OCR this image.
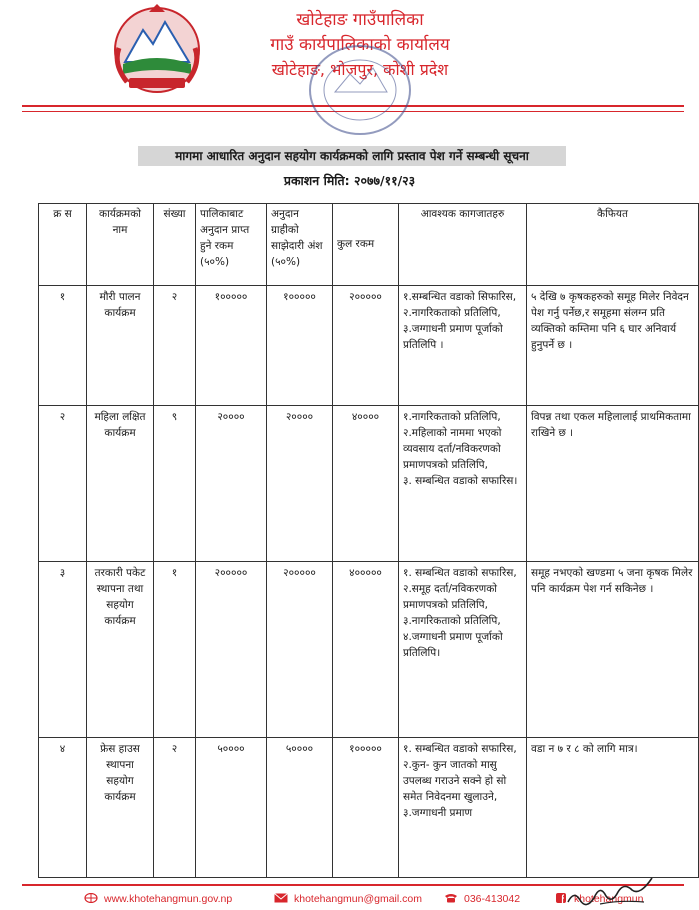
खोटेहाङ गाउँपालिका
गाउँ कार्यपालिकाको कार्यालय
खोटेहाङ, भोजपुर, कोशी प्रदेश
मागमा आधारित अनुदान सहयोग कार्यक्रमको लागि प्रस्ताव पेश गर्ने सम्बन्धी सूचना
प्रकाशन मिति: २०७७/११/२३
क्र स	कार्यक्रमको नाम	संख्या	पालिकाबाट अनुदान प्राप्त हुने रकम (५०%)	अनुदान ग्राहीको साझेदारी अंश (५०%)	कुल रकम	आवश्यक कागजातहरु	कैफियत
१	मौरी पालन कार्यक्रम	२	१०००००	१०००००	२०००००	१.सम्बन्धित वडाको सिफारिस,
२.नागरिकताको प्रतिलिपि,
३.जग्गाधनी प्रमाण पूर्जाको प्रतिलिपि ।	५ देखि ७ कृषकहरुको समूह मिलेर निवेदन पेश गर्नु पर्नेछ,र समूहमा संलग्न प्रति व्यक्तिको कम्तिमा पनि ६ घार अनिवार्य हुनुपर्ने छ ।
२	महिला लक्षित कार्यक्रम	९	२००००	२००००	४००००	१.नागरिकताको प्रतिलिपि,
२.महिलाको नाममा भएको व्यवसाय दर्ता/नविकरणको प्रमाणपत्रको प्रतिलिपि,
३. सम्बन्धित वडाको सफारिस।	विपन्न तथा एकल महिलालाई प्राथमिकतामा राखिने छ ।
३	तरकारी पकेट स्थापना तथा सहयोग कार्यक्रम	१	२०००००	२०००००	४०००००	१. सम्बन्धित वडाको सफारिस,
२.समूह दर्ता/नविकरणको प्रमाणपत्रको प्रतिलिपि,
३.नागरिकताको प्रतिलिपि,
४.जग्गाधनी प्रमाण पूर्जाको प्रतिलिपि।	समूह नभएको खण्डमा ५ जना कृषक मिलेर पनि कार्यक्रम पेश गर्न सकिनेछ ।
४	फ्रेस हाउस स्थापना सहयोग कार्यक्रम	२	५००००	५००००	१०००००	१. सम्बन्धित वडाको सफारिस,
२.कुन- कुन जातको मासु उपलब्ध गराउने सक्ने हो सो समेत निवेदनमा खुलाउने,
३.जग्गाधनी प्रमाण	वडा न ७ र ८ को लागि मात्र।
www.khotehangmun.gov.np	khotehangmun@gmail.com	036-413042	khotehangmun
